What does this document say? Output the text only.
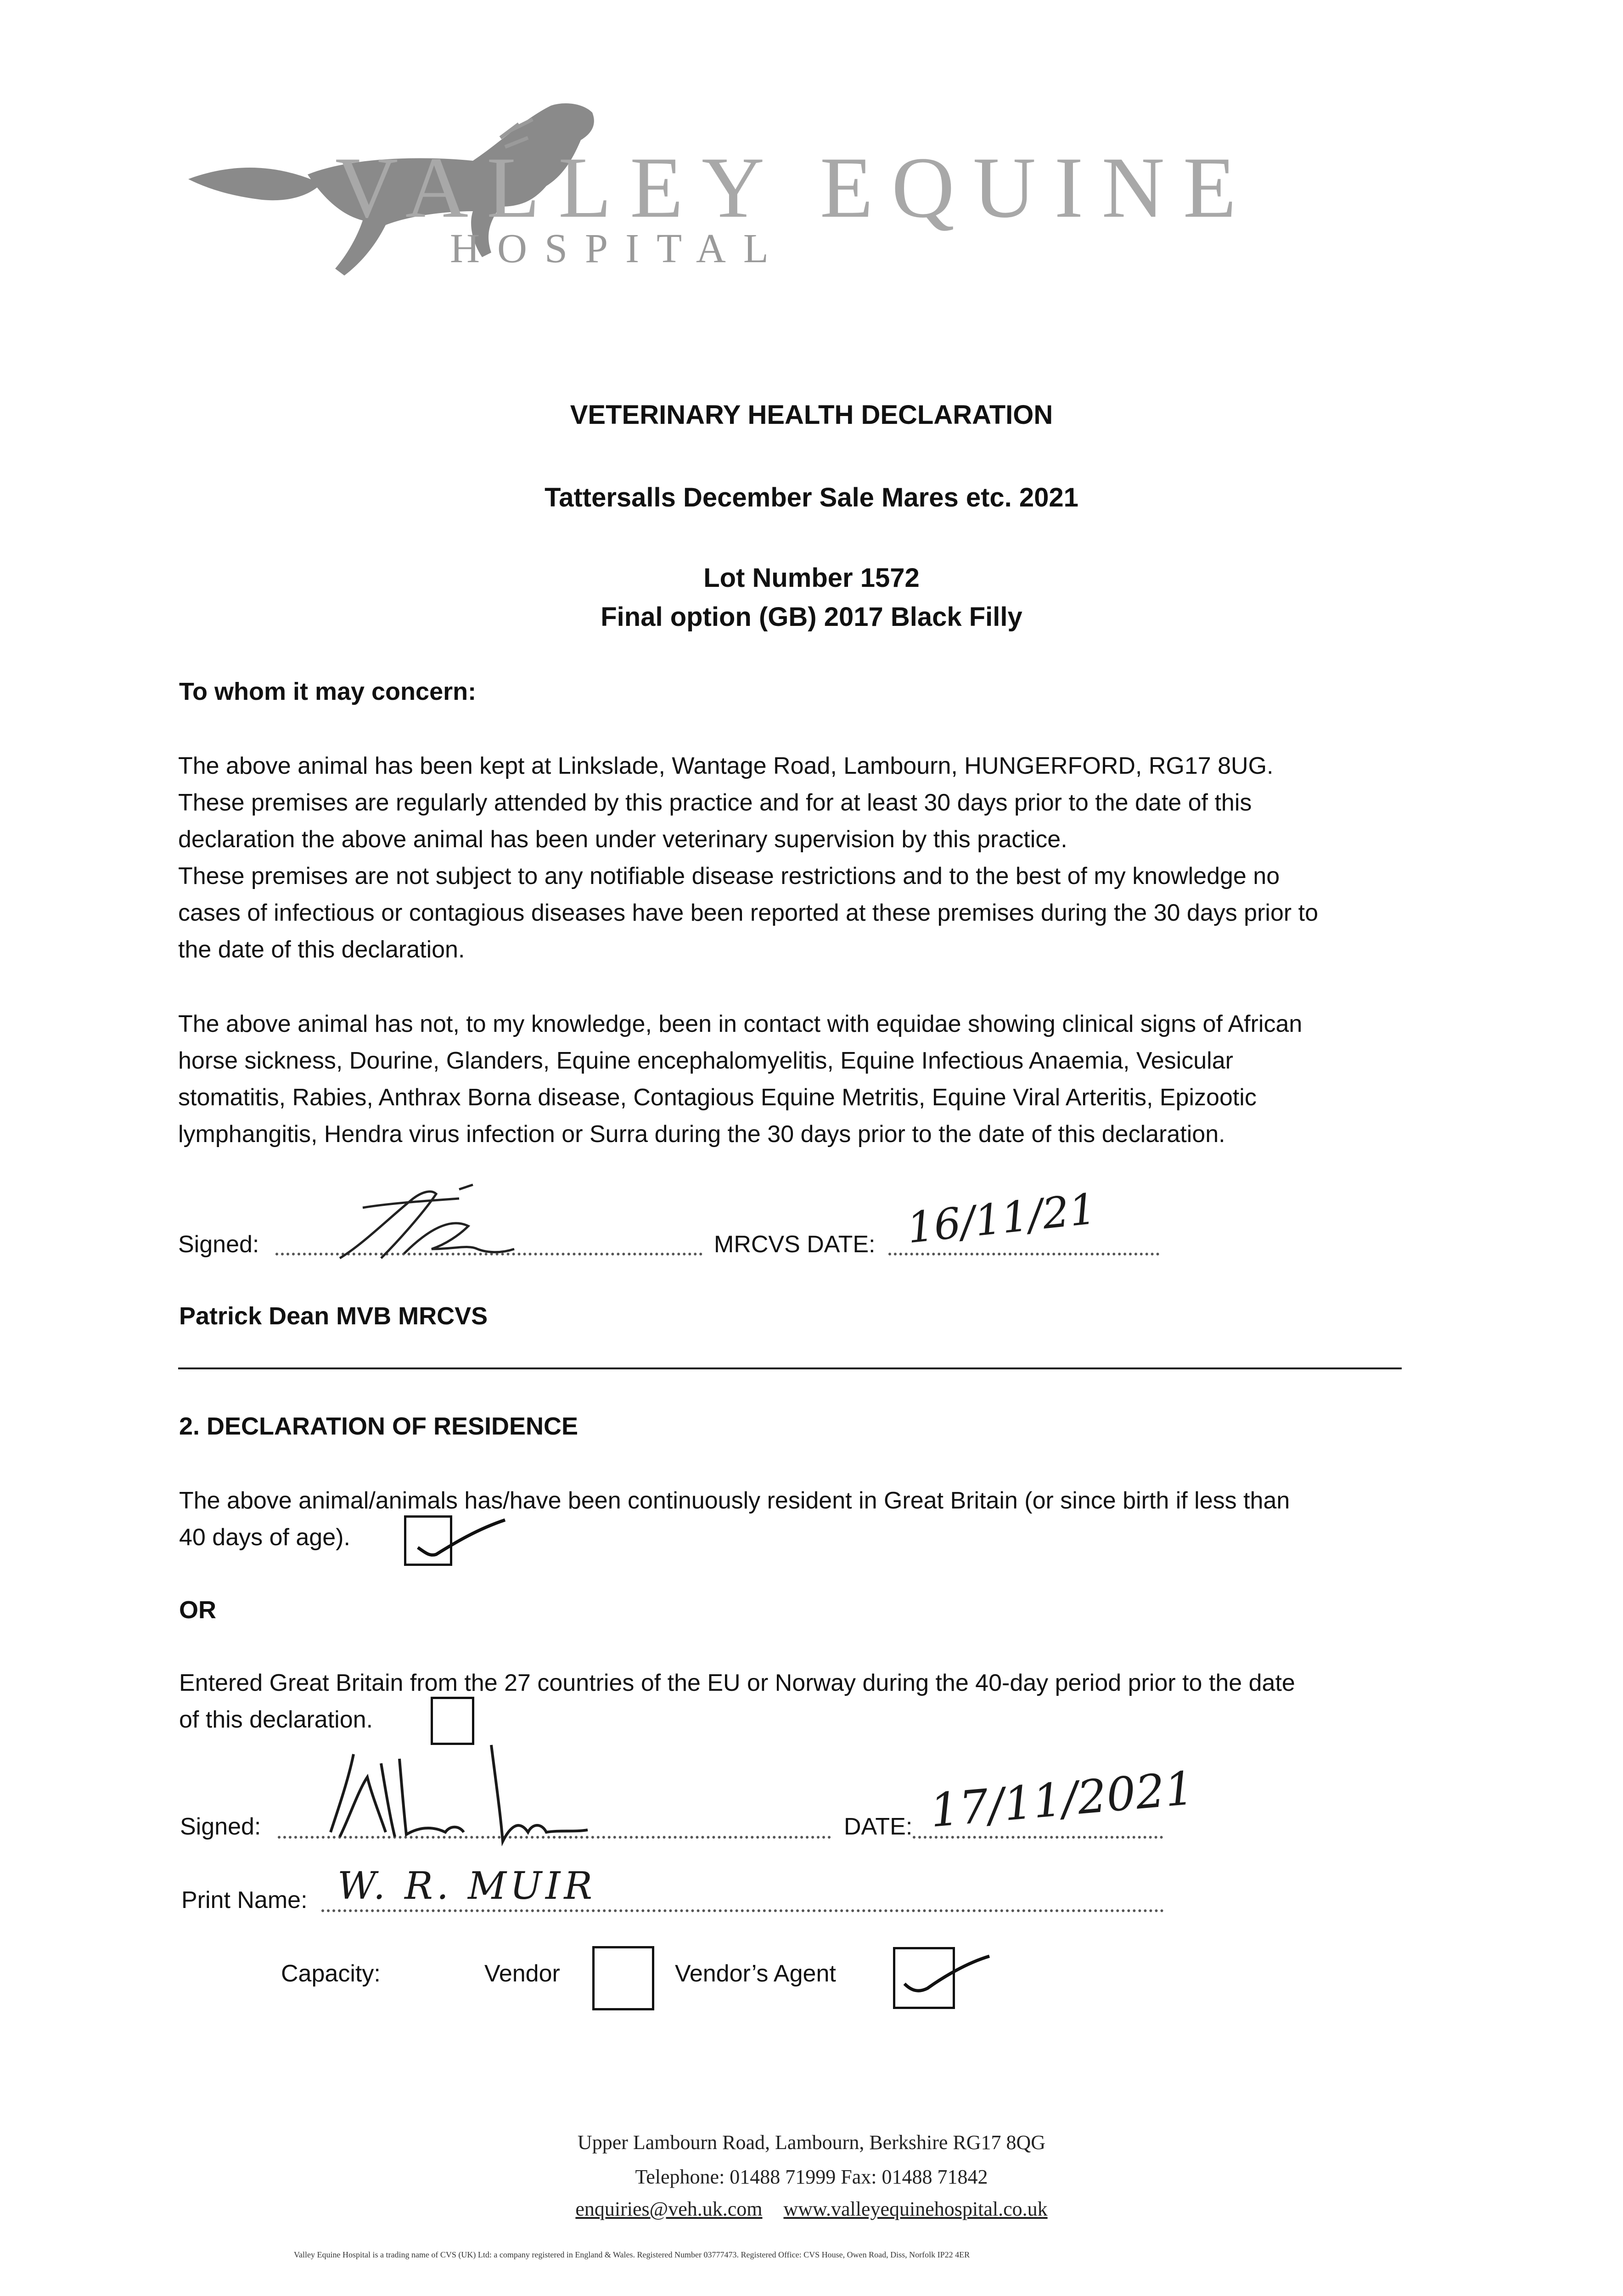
VALLEY EQUINE
HOSPITAL
VETERINARY HEALTH DECLARATION
Tattersalls December Sale Mares etc. 2021
Lot Number 1572
Final option (GB) 2017 Black Filly
To whom it may concern:
The above animal has been kept at Linkslade, Wantage Road, Lambourn, HUNGERFORD, RG17 8UG.
These premises are regularly attended by this practice and for at least 30 days prior to the date of this
declaration the above animal has been under veterinary supervision by this practice.
These premises are not subject to any notifiable disease restrictions and to the best of my knowledge no
cases of infectious or contagious diseases have been reported at these premises during the 30 days prior to
the date of this declaration.
The above animal has not, to my knowledge, been in contact with equidae showing clinical signs of African
horse sickness, Dourine, Glanders, Equine encephalomyelitis, Equine Infectious Anaemia, Vesicular
stomatitis, Rabies, Anthrax Borna disease, Contagious Equine Metritis, Equine Viral Arteritis, Epizootic
lymphangitis, Hendra virus infection or Surra during the 30 days prior to the date of this declaration.
Signed:	MRCVS DATE: 16/11/21
Patrick Dean MVB MRCVS
2. DECLARATION OF RESIDENCE
The above animal/animals has/have been continuously resident in Great Britain (or since birth if less than
40 days of age).
OR
Entered Great Britain from the 27 countries of the EU or Norway during the 40-day period prior to the date
of this declaration.
Signed:	DATE: 17/11/2021
Print Name: W. R. MUIR
Capacity:	Vendor	Vendor’s Agent
Upper Lambourn Road, Lambourn, Berkshire RG17 8QG
Telephone: 01488 71999 Fax: 01488 71842
enquiries@veh.uk.com www.valleyequinehospital.co.uk
Valley Equine Hospital is a trading name of CVS (UK) Ltd: a company registered in England & Wales. Registered Number 03777473. Registered Office: CVS House, Owen Road, Diss, Norfolk IP22 4ER
